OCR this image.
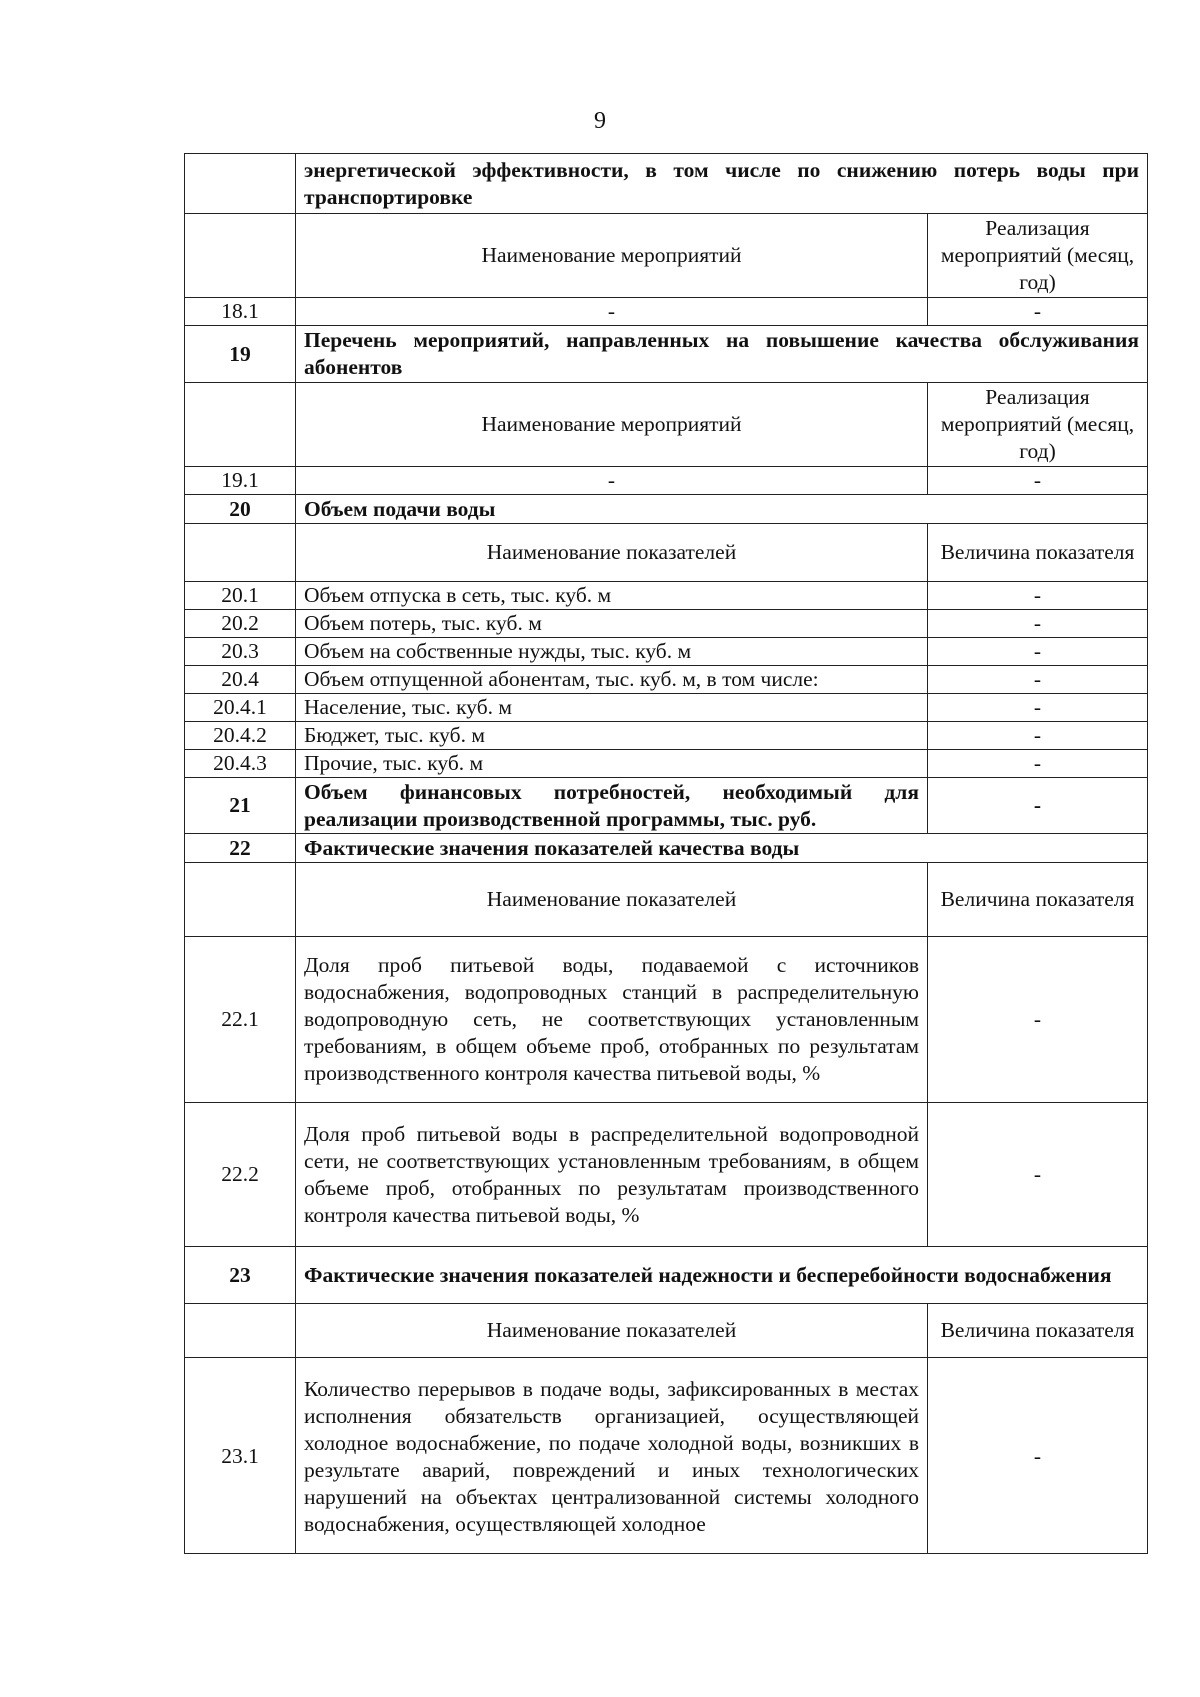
9
	энергетической эффективности, в том числе по снижению потерь воды при транспортировке	
	Наименование мероприятий	Реализация мероприятий (месяц, год)
18.1	-	-
19	Перечень мероприятий, направленных на повышение качества обслуживания абонентов	
	Наименование мероприятий	Реализация мероприятий (месяц, год)
19.1	-	-
20	Объем подачи воды	
	Наименование показателей	Величина показателя
20.1	Объем отпуска в сеть, тыс. куб. м	-
20.2	Объем потерь, тыс. куб. м	-
20.3	Объем на собственные нужды, тыс. куб. м	-
20.4	Объем отпущенной абонентам, тыс. куб. м, в том числе:	-
20.4.1	Население, тыс. куб. м	-
20.4.2	Бюджет, тыс. куб. м	-
20.4.3	Прочие, тыс. куб. м	-
21	Объем финансовых потребностей, необходимый для реализации производственной программы, тыс. руб.	-
22	Фактические значения показателей качества воды	
	Наименование показателей	Величина показателя
22.1	Доля проб питьевой воды, подаваемой с источников водоснабжения, водопроводных станций в распределительную водопроводную сеть, не соответствующих установленным требованиям, в общем объеме проб, отобранных по результатам производственного контроля качества питьевой воды, %	-
22.2	Доля проб питьевой воды в распределительной водопроводной сети, не соответствующих установленным требованиям, в общем объеме проб, отобранных по результатам производственного контроля качества питьевой воды, %	-
23	Фактические значения показателей надежности и бесперебойности водоснабжения	
	Наименование показателей	Величина показателя
23.1	Количество перерывов в подаче воды, зафиксированных в местах исполнения обязательств организацией, осуществляющей холодное водоснабжение, по подаче холодной воды, возникших в результате аварий, повреждений и иных технологических нарушений на объектах централизованной системы холодного водоснабжения, осуществляющей холодное	-
